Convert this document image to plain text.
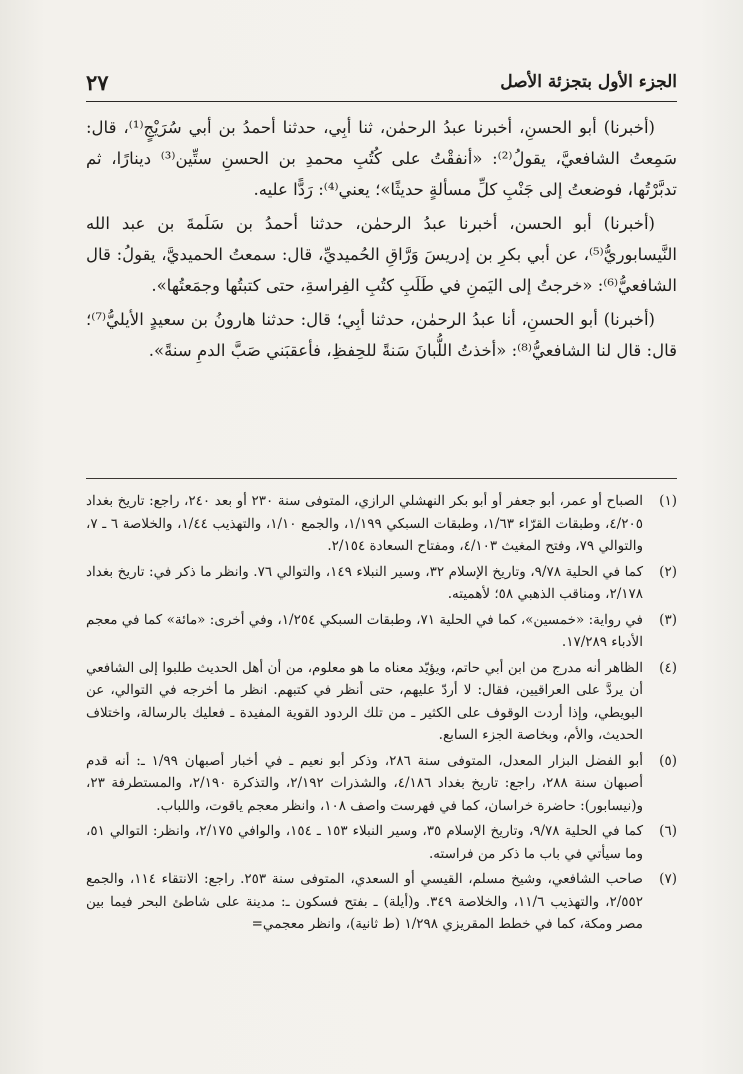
الجزء الأول بتجزئة الأصل
٢٧

(أخبرنا) أبو الحسنِ، أخبرنا عبدُ الرحمٰن، ثنا أبِي، حدثنا أحمدُ بن أبي سُرَيْجٍ⁽¹⁾، قال: سَمِعتُ الشافعيَّ، يقولُ⁽²⁾: «أنفقْتُ على كُتُبِ محمدِ بن الحسنِ ستِّين⁽³⁾ دينارًا، ثم تدبَّرْتُها، فوضعتُ إلى جَنْبِ كلِّ مسألةٍ حديثًا»؛ يعني⁽⁴⁾: رَدًّا عليه.

(أخبرنا) أبو الحسن، أخبرنا عبدُ الرحمٰن، حدثنا أحمدُ بن سَلَمةَ بن عبد الله النَّيسابوريُّ⁽⁵⁾، عن أبي بكرِ بن إدريسَ وَرَّاقِ الحُميديِّ، قال: سمعتُ الحميديَّ، يقولُ: قال الشافعيُّ⁽⁶⁾: «خرجتُ إلى اليَمنِ في طَلَبِ كتُبِ الفِراسةِ، حتى كتبتُها وجمَعتُها».

(أخبرنا) أبو الحسنِ، أنا عبدُ الرحمٰن، حدثنا أبِي؛ قال: حدثنا هارونُ بن سعيدٍ الأيليُّ⁽⁷⁾؛ قال: قال لنا الشافعيُّ⁽⁸⁾: «أخذتُ اللُّبانَ سَنةً للحِفظِ، فأعقبَني صَبَّ الدمِ سنةً».

(١)
الصباح أو عمر، أبو جعفر أو أبو بكر النهشلي الرازي، المتوفى سنة ٢٣٠ أو بعد ٢٤٠، راجع: تاريخ بغداد ٤/٢٠٥، وطبقات القرّاء ١/٦٣، وطبقات السبكي ١/١٩٩، والجمع ١/١٠، والتهذيب ١/٤٤، والخلاصة ٦ ـ ٧، والتوالي ٧٩، وفتح المغيث ٤/١٠٣، ومفتاح السعادة ٢/١٥٤.
(٢)
كما في الحلية ٩/٧٨، وتاريخ الإسلام ٣٢، وسير النبلاء ١٤٩، والتوالي ٧٦. وانظر ما ذكر في: تاريخ بغداد ٢/١٧٨، ومناقب الذهبي ٥٨؛ لأهميته.
(٣)
في رواية: «خمسين»، كما في الحلية ٧١، وطبقات السبكي ١/٢٥٤، وفي أخرى: «مائة» كما في معجم الأدباء ١٧/٢٨٩.
(٤)
الظاهر أنه مدرج من ابن أبي حاتم، ويؤيّد معناه ما هو معلوم، من أن أهل الحديث طلبوا إلى الشافعي أن يردَّ على العراقيين، فقال: لا أردّ عليهم، حتى أنظر في كتبهم. انظر ما أخرجه في التوالي، عن البويطي، وإذا أردت الوقوف على الكثير ـ من تلك الردود القوية المفيدة ـ فعليك بالرسالة، واختلاف الحديث، والأم، وبخاصة الجزء السابع.
(٥)
أبو الفضل البزار المعدل، المتوفى سنة ٢٨٦، وذكر أبو نعيم ـ في أخبار أصبهان ١/٩٩ ـ: أنه قدم أصبهان سنة ٢٨٨، راجع: تاريخ بغداد ٤/١٨٦، والشذرات ٢/١٩٢، والتذكرة ٢/١٩٠، والمستطرفة ٢٣، و(نيسابور): حاضرة خراسان، كما في فهرست واصف ١٠٨، وانظر معجم ياقوت، واللباب.
(٦)
كما في الحلية ٩/٧٨، وتاريخ الإسلام ٣٥، وسير النبلاء ١٥٣ ـ ١٥٤، والوافي ٢/١٧٥، وانظر: التوالي ٥١، وما سيأتي في باب ما ذكر من فراسته.
(٧)
صاحب الشافعي، وشيخ مسلم، القيسي أو السعدي، المتوفى سنة ٢٥٣. راجع: الانتقاء ١١٤، والجمع ٢/٥٥٢، والتهذيب ١١/٦، والخلاصة ٣٤٩. و(أيلة) ـ بفتح فسكون ـ: مدينة على شاطئ البحر فيما بين مصر ومكة، كما في خطط المقريزي ١/٢٩٨ (ط ثانية)، وانظر معجمي=
